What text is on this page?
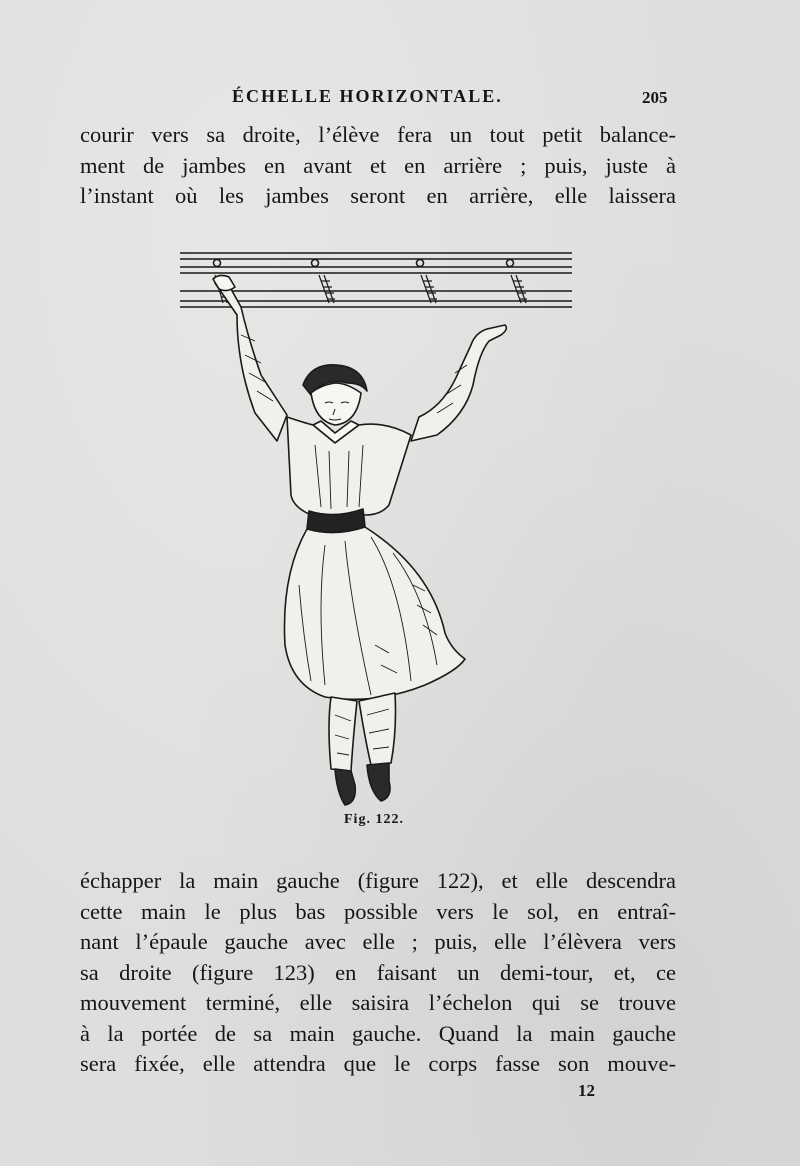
ÉCHELLE HORIZONTALE.	205
courir vers sa droite, l’élève fera un tout petit balance-
ment de jambes en avant et en arrière ; puis, juste à
l’instant où les jambes seront en arrière, elle laissera
Fig. 122.
échapper la main gauche (figure 122), et elle descendra
cette main le plus bas possible vers le sol, en entraî-
nant l’épaule gauche avec elle ; puis, elle l’élèvera vers
sa droite (figure 123) en faisant un demi-tour, et, ce
mouvement terminé, elle saisira l’échelon qui se trouve
à la portée de sa main gauche. Quand la main gauche
sera fixée, elle attendra que le corps fasse son mouve-
12
